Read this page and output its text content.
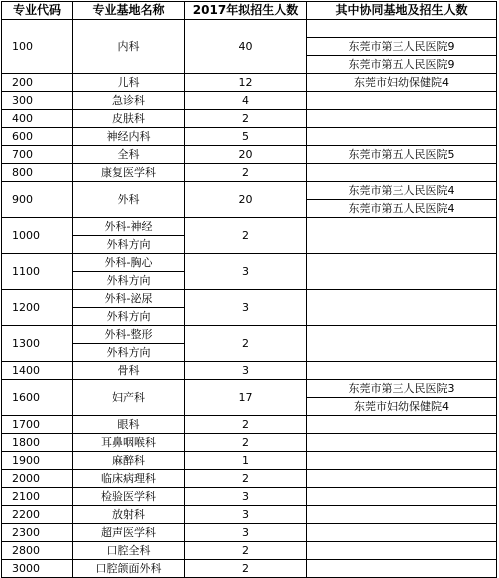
专业代码	专业基地名称	2017年拟招生人数	其中协同基地及招生人数
100	内科	40	
			东莞市第三人民医院9
			东莞市第五人民医院9
200	儿科	12	东莞市妇幼保健院4
300	急诊科	4	
400	皮肤科	2	
600	神经内科	5	
700	全科	20	东莞市第五人民医院5
800	康复医学科	2	
900	外科	20	东莞市第三人民医院4
			东莞市第五人民医院4
1000	外科-神经	2	
	外科方向		
1100	外科-胸心	3	
	外科方向		
1200	外科-泌尿	3	
	外科方向		
1300	外科-整形	2	
	外科方向		
1400	骨科	3	
1600	妇产科	17	东莞市第三人民医院3
			东莞市妇幼保健院4
1700	眼科	2	
1800	耳鼻咽喉科	2	
1900	麻醉科	1	
2000	临床病理科	2	
2100	检验医学科	3	
2200	放射科	3	
2300	超声医学科	3	
2800	口腔全科	2	
3000	口腔颌面外科	2	
